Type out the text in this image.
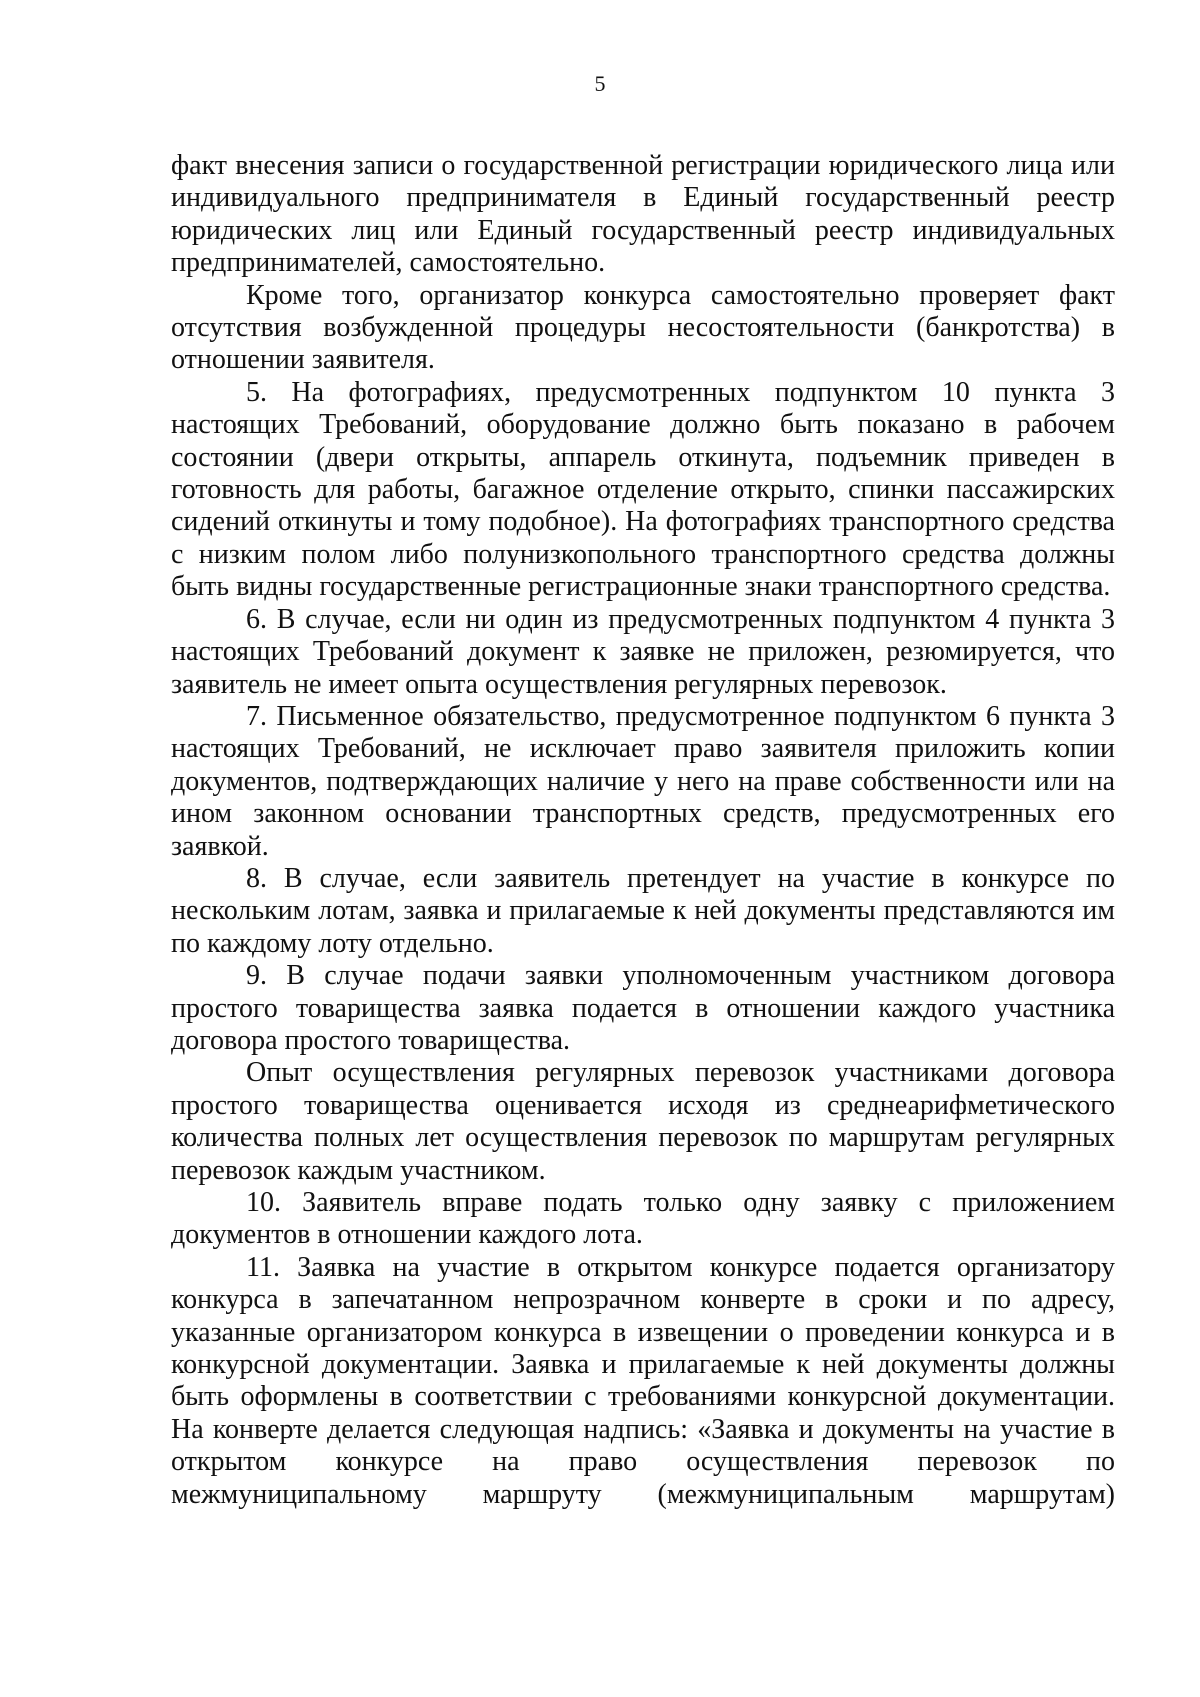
5

факт внесения записи о государственной регистрации юридического лица или индивидуального предпринимателя в Единый государственный реестр юридических лиц или Единый государственный реестр индивидуальных предпринимателей, самостоятельно.

Кроме того, организатор конкурса самостоятельно проверяет факт отсутствия возбужденной процедуры несостоятельности (банкротства) в отношении заявителя.

5. На фотографиях, предусмотренных подпунктом 10 пункта 3 настоящих Требований, оборудование должно быть показано в рабочем состоянии (двери открыты, аппарель откинута, подъемник приведен в готовность для работы, багажное отделение открыто, спинки пассажирских сидений откинуты и тому подобное). На фотографиях транспортного средства с низким полом либо полунизкопольного транспортного средства должны быть видны государственные регистрационные знаки транспортного средства.

6. В случае, если ни один из предусмотренных подпунктом 4 пункта 3 настоящих Требований документ к заявке не приложен, резюмируется, что заявитель не имеет опыта осуществления регулярных перевозок.

7. Письменное обязательство, предусмотренное подпунктом 6 пункта 3 настоящих Требований, не исключает право заявителя приложить копии документов, подтверждающих наличие у него на праве собственности или на ином законном основании транспортных средств, предусмотренных его заявкой.

8. В случае, если заявитель претендует на участие в конкурсе по нескольким лотам, заявка и прилагаемые к ней документы представляются им по каждому лоту отдельно.

9. В случае подачи заявки уполномоченным участником договора простого товарищества заявка подается в отношении каждого участника договора простого товарищества.

Опыт осуществления регулярных перевозок участниками договора простого товарищества оценивается исходя из среднеарифметического количества полных лет осуществления перевозок по маршрутам регулярных перевозок каждым участником.

10. Заявитель вправе подать только одну заявку с приложением документов в отношении каждого лота.

11. Заявка на участие в открытом конкурсе подается организатору конкурса в запечатанном непрозрачном конверте в сроки и по адресу, указанные организатором конкурса в извещении о проведении конкурса и в конкурсной документации. Заявка и прилагаемые к ней документы должны быть оформлены в соответствии с требованиями конкурсной документации. На конверте делается следующая надпись: «Заявка и документы на участие в открытом конкурсе на право осуществления перевозок по межмуниципальному маршруту (межмуниципальным маршрутам)
